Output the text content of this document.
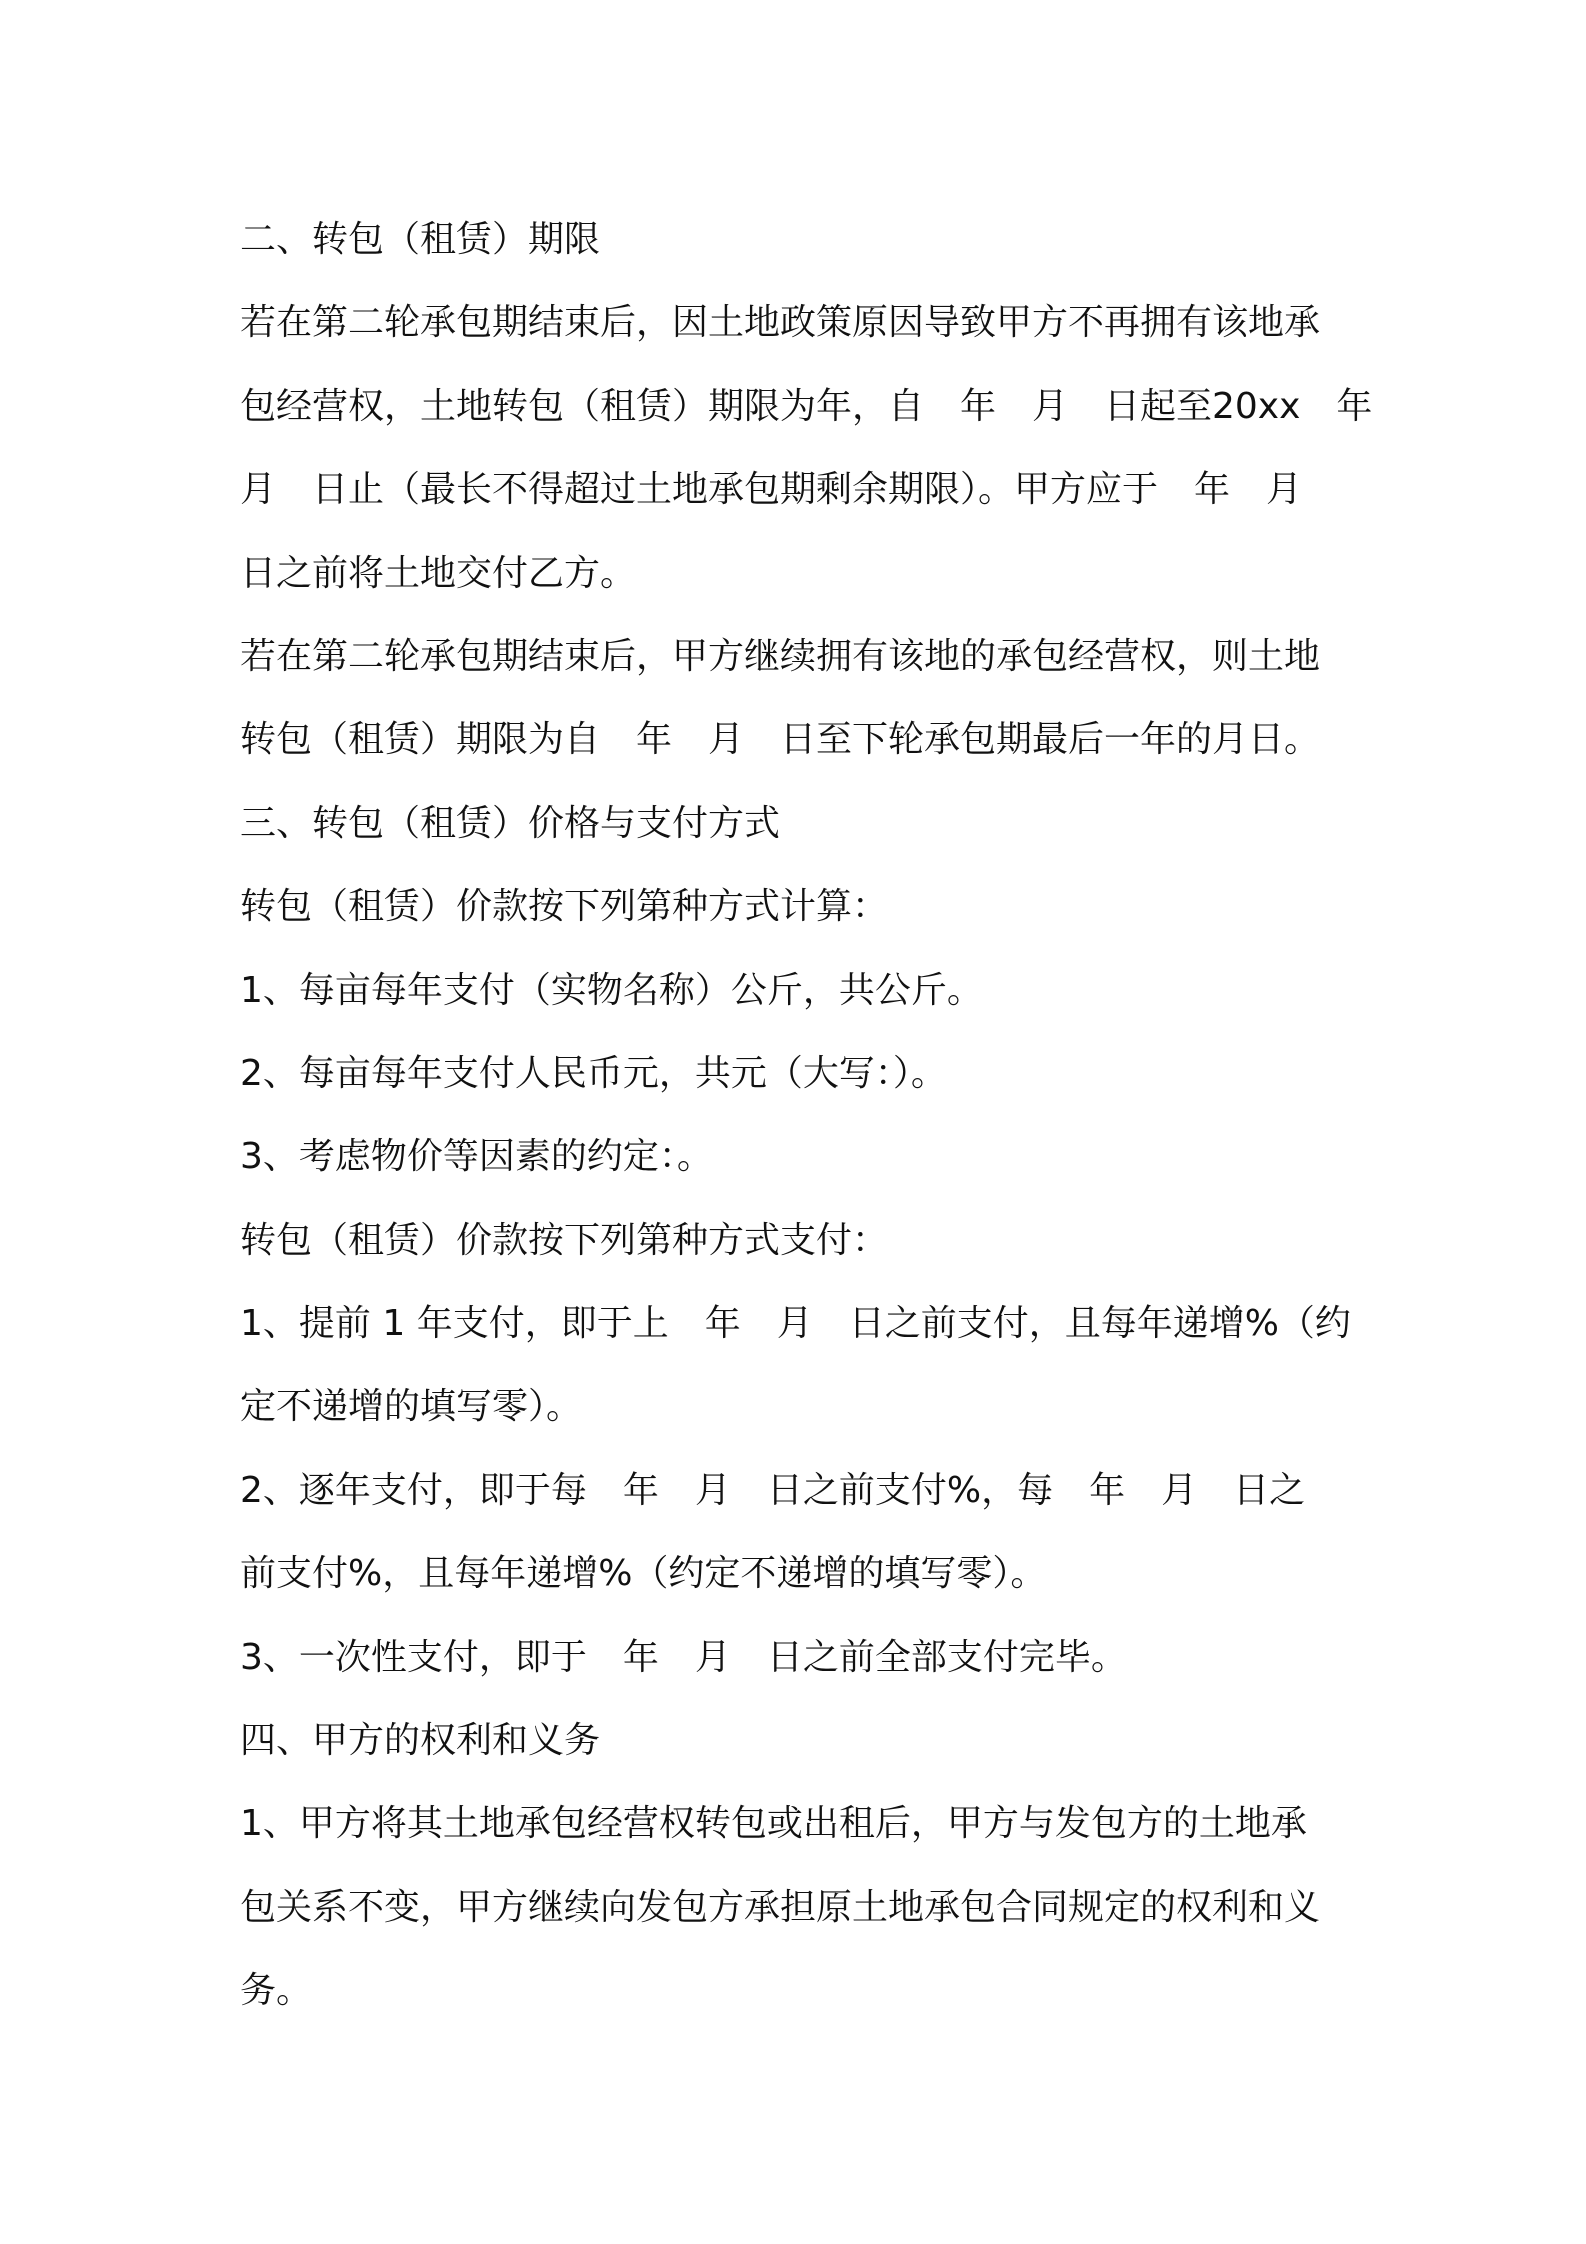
二、转包（租赁）期限
若在第二轮承包期结束后，因土地政策原因导致甲方不再拥有该地承
包经营权，土地转包（租赁）期限为年，自　年　月　日起至20xx　年
月　日止（最长不得超过土地承包期剩余期限）。甲方应于　年　月
日之前将土地交付乙方。
若在第二轮承包期结束后，甲方继续拥有该地的承包经营权，则土地
转包（租赁）期限为自　年　月　日至下轮承包期最后一年的月日。
三、转包（租赁）价格与支付方式
转包（租赁）价款按下列第种方式计算：
1、每亩每年支付（实物名称）公斤，共公斤。
2、每亩每年支付人民币元，共元（大写：）。
3、考虑物价等因素的约定：。
转包（租赁）价款按下列第种方式支付：
1、提前 1 年支付，即于上　年　月　日之前支付，且每年递增%（约
定不递增的填写零）。
2、逐年支付，即于每　年　月　日之前支付%，每　年　月　日之
前支付%，且每年递增%（约定不递增的填写零）。
3、一次性支付，即于　年　月　日之前全部支付完毕。
四、甲方的权利和义务
1、甲方将其土地承包经营权转包或出租后，甲方与发包方的土地承
包关系不变，甲方继续向发包方承担原土地承包合同规定的权利和义
务。
